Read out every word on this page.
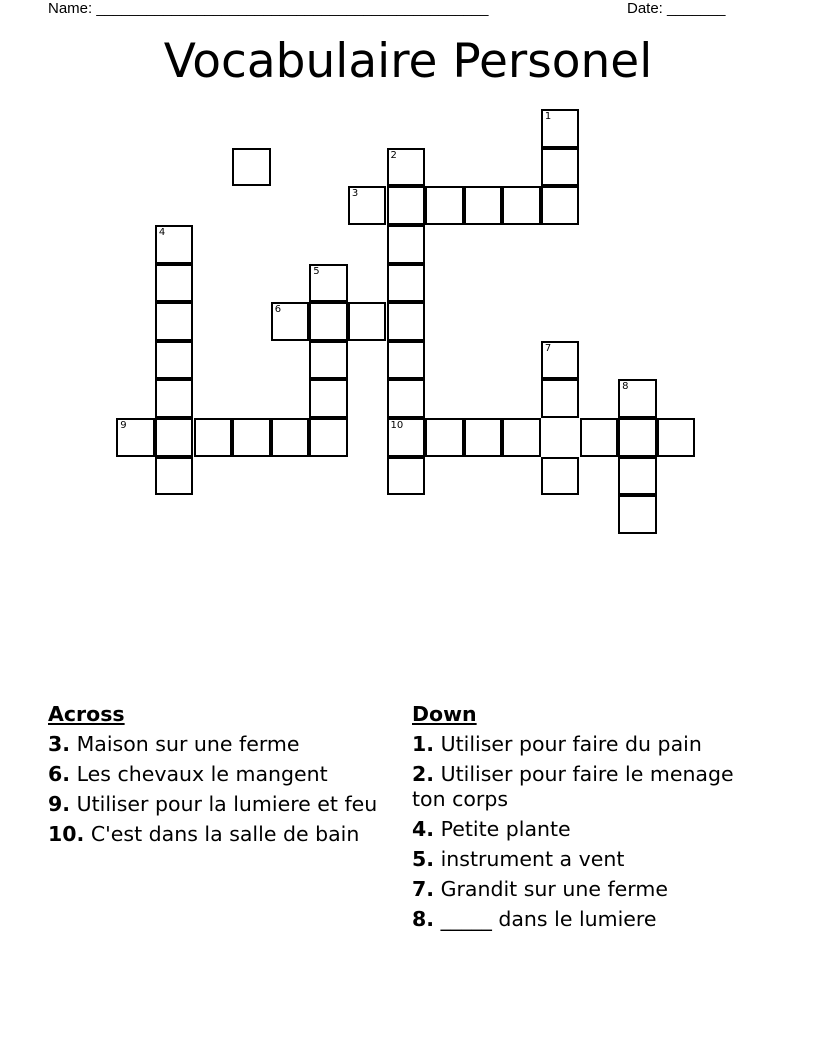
Name: _______________________________________________	Date: _______
Vocabulaire Personel
3
1
2
10
4
5
6
7
8
9
Across
3. Maison sur une ferme
6. Les chevaux le mangent
9. Utiliser pour la lumiere et feu
10. C'est dans la salle de bain
Down
1. Utiliser pour faire du pain
2. Utiliser pour faire le menage ton corps
4. Petite plante
5. instrument a vent
7. Grandit sur une ferme
8. _____ dans le lumiere
